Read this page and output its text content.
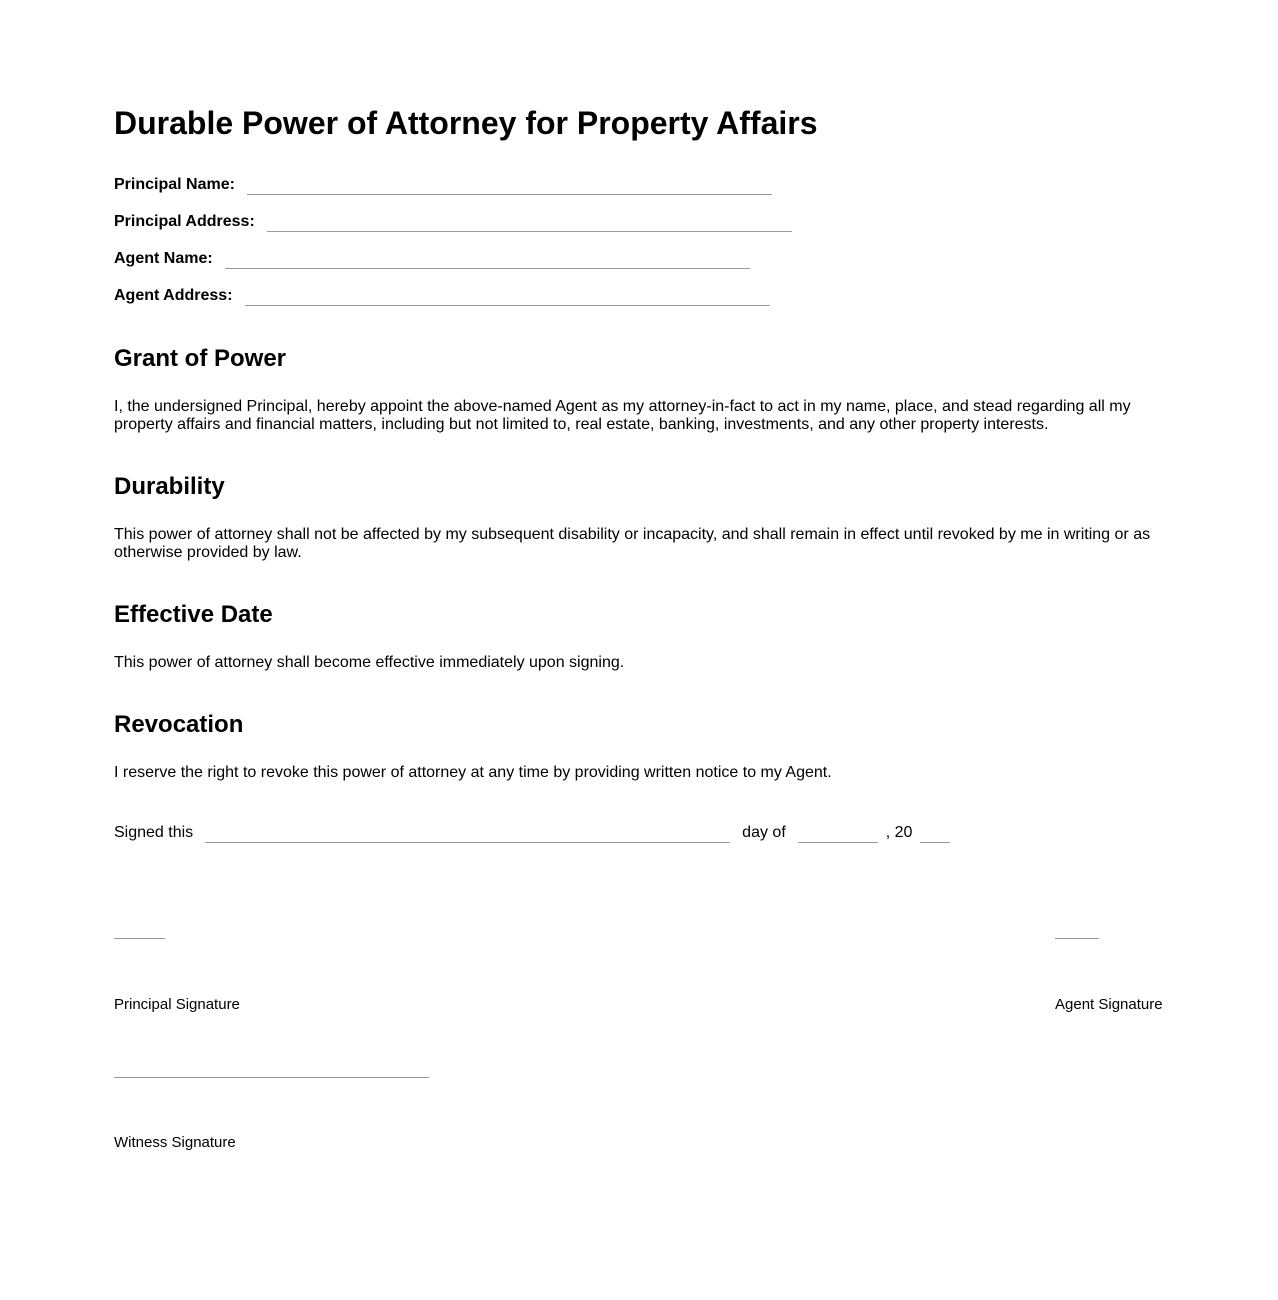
Durable Power of Attorney for Property Affairs
Principal Name:
Principal Address:
Agent Name:
Agent Address:
Grant of Power

I, the undersigned Principal, hereby appoint the above-named Agent as my attorney-in-fact to act in my name, place, and stead regarding all my property affairs and financial matters, including but not limited to, real estate, banking, investments, and any other property interests.

Durability

This power of attorney shall not be affected by my subsequent disability or incapacity, and shall remain in effect until revoked by me in writing or as otherwise provided by law.

Effective Date

This power of attorney shall become effective immediately upon signing.

Revocation

I reserve the right to revoke this power of attorney at any time by providing written notice to my Agent.

Signed this	day of	, 20
Principal Signature	Agent Signature
Witness Signature
